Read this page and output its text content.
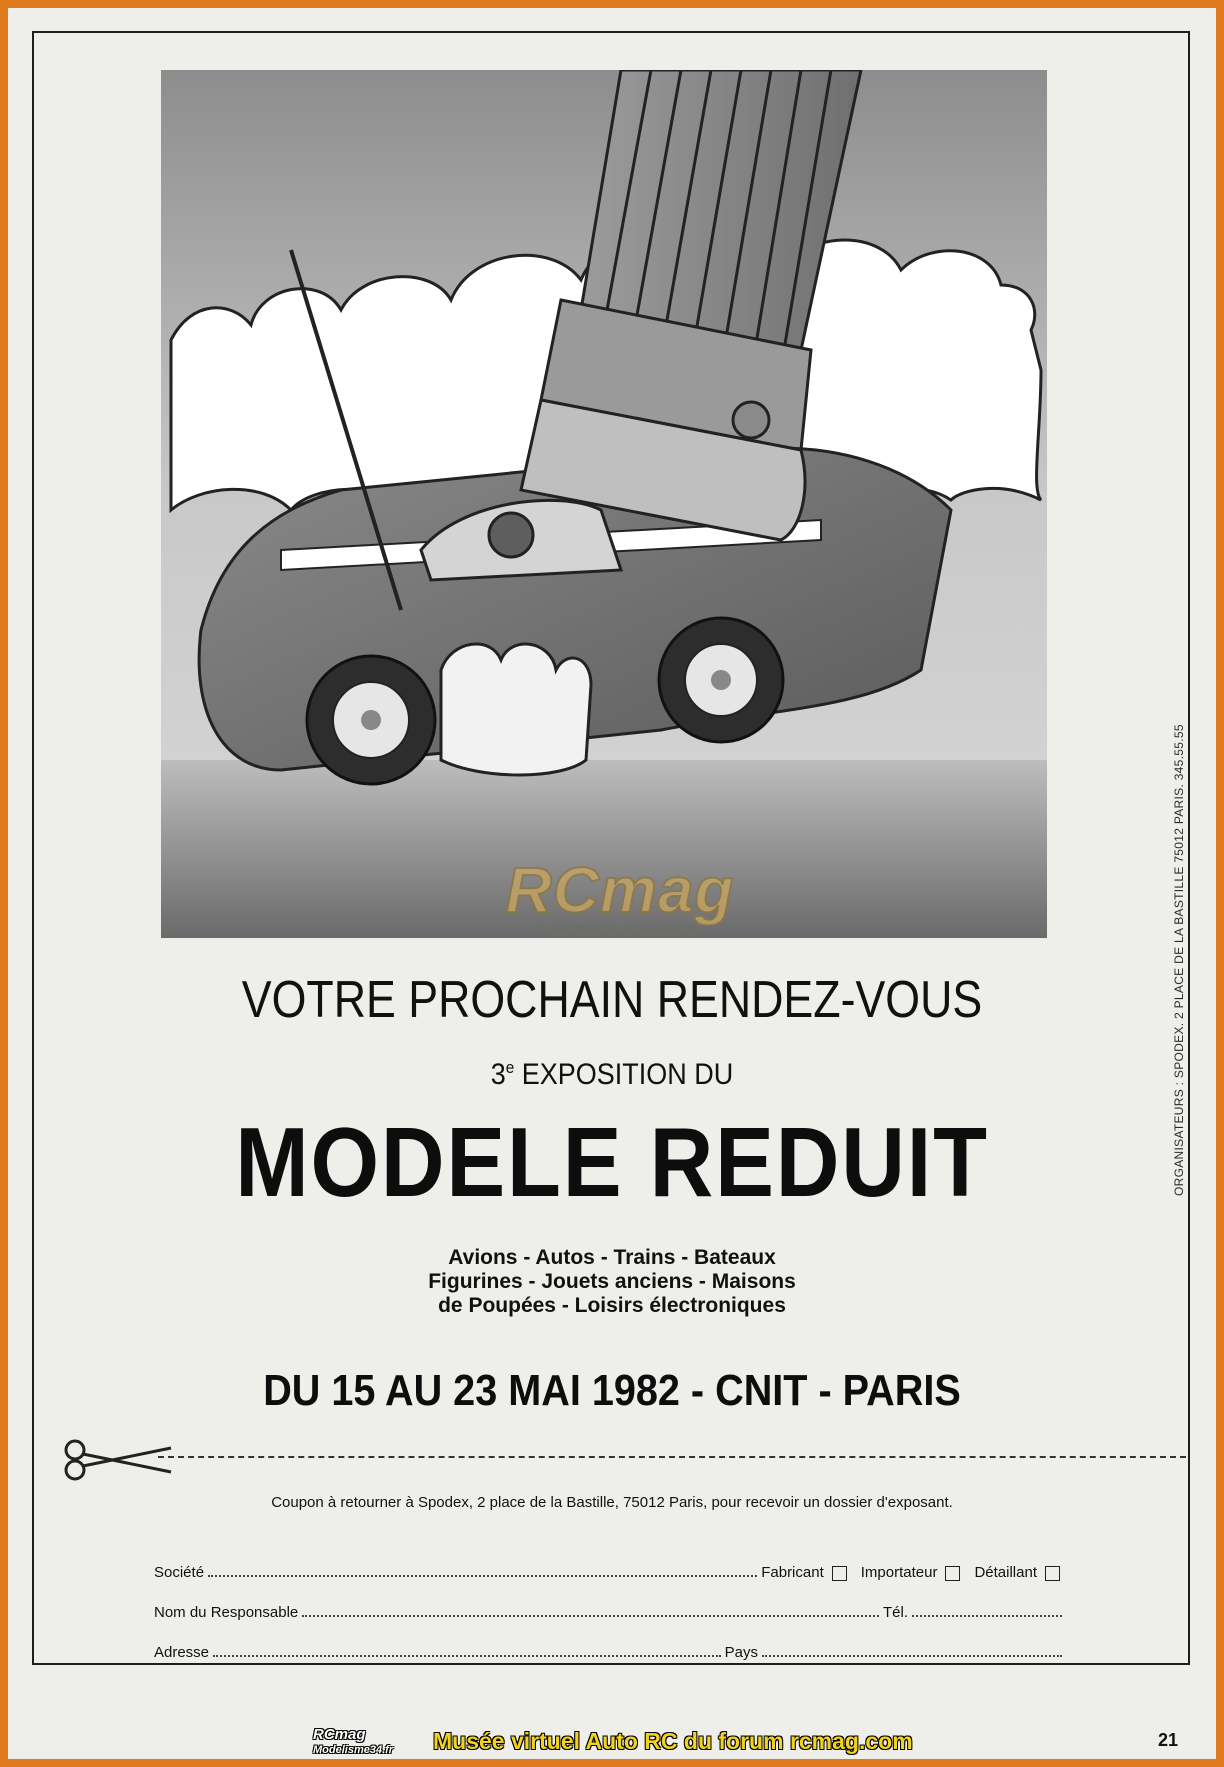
RCmag
Le Web Magazine du Modélisme RC	ORGANISATEURS : SPODEX. 2 PLACE DE LA BASTILLE 75012 PARIS. 345.55.55
VOTRE PROCHAIN RENDEZ-VOUS
3e EXPOSITION DU
MODELE REDUIT
Avions - Autos - Trains - Bateaux
Figurines - Jouets anciens - Maisons
de Poupées - Loisirs électroniques
DU 15 AU 23 MAI 1982 - CNIT - PARIS
Coupon à retourner à Spodex, 2 place de la Bastille, 75012 Paris, pour recevoir un dossier d'exposant.
Société	Fabricant Importateur Détaillant
Nom du Responsable	Tél.
Adresse	Pays
RCmag
Modelisme34.fr Musée virtuel Auto RC du forum rcmag.com	21
